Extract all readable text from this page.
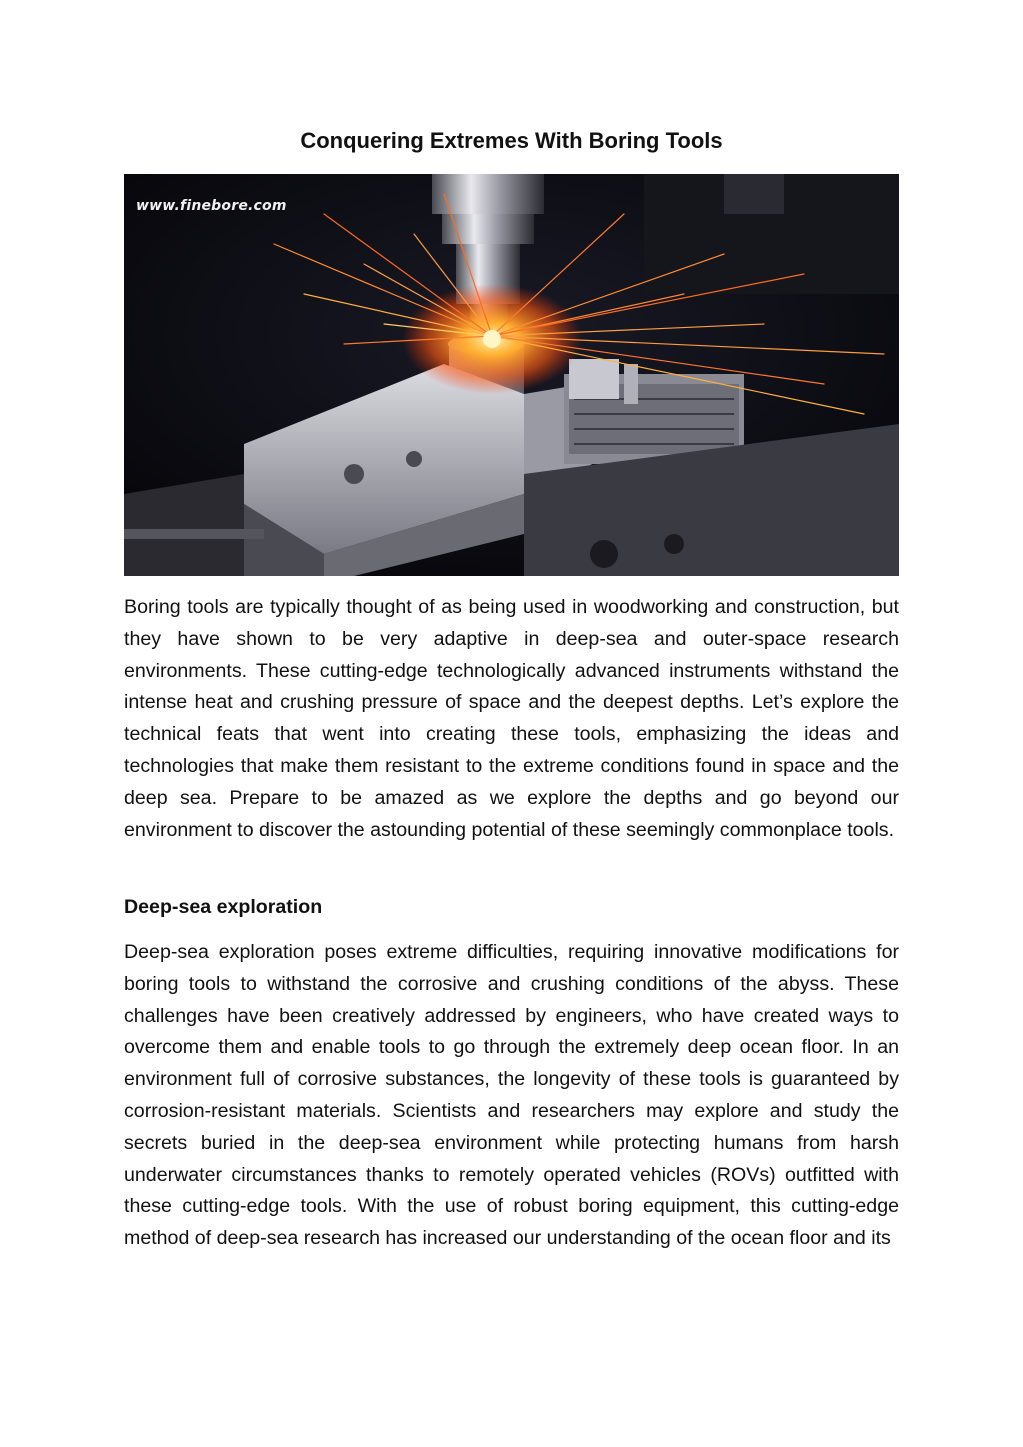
Conquering Extremes With Boring Tools
www.finebore.com

Boring tools are typically thought of as being used in woodworking and construction, but they have shown to be very adaptive in deep-sea and outer-space research environments. These cutting-edge technologically advanced instruments withstand the intense heat and crushing pressure of space and the deepest depths. Let’s explore the technical feats that went into creating these tools, emphasizing the ideas and technologies that make them resistant to the extreme conditions found in space and the deep sea. Prepare to be amazed as we explore the depths and go beyond our environment to discover the astounding potential of these seemingly commonplace tools.

Deep-sea exploration

Deep-sea exploration poses extreme difficulties, requiring innovative modifications for boring tools to withstand the corrosive and crushing conditions of the abyss. These challenges have been creatively addressed by engineers, who have created ways to overcome them and enable tools to go through the extremely deep ocean floor. In an environment full of corrosive substances, the longevity of these tools is guaranteed by corrosion-resistant materials. Scientists and researchers may explore and study the secrets buried in the deep-sea environment while protecting humans from harsh underwater circumstances thanks to remotely operated vehicles (ROVs) outfitted with these cutting-edge tools. With the use of robust boring equipment, this cutting-edge method of deep-sea research has increased our understanding of the ocean floor and its
